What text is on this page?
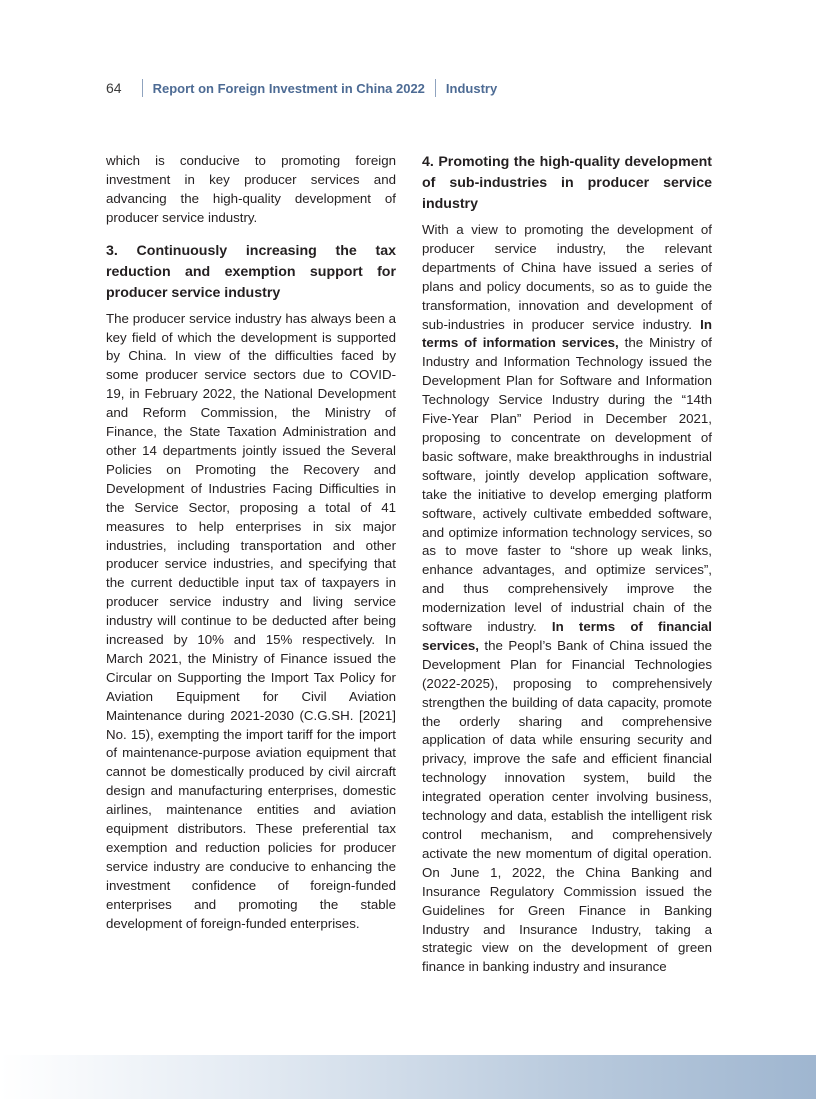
64 Report on Foreign Investment in China 2022 Industry

which is conducive to promoting foreign investment in key producer services and advancing the high-quality development of producer service industry.

3. Continuously increasing the tax reduction and exemption support for producer service industry

The producer service industry has always been a key field of which the development is supported by China. In view of the difficulties faced by some producer service sectors due to COVID-19, in February 2022, the National Development and Reform Commission, the Ministry of Finance, the State Taxation Administration and other 14 departments jointly issued the Several Policies on Promoting the Recovery and Development of Industries Facing Difficulties in the Service Sector, proposing a total of 41 measures to help enterprises in six major industries, including transportation and other producer service industries, and specifying that the current deductible input tax of taxpayers in producer service industry and living service industry will continue to be deducted after being increased by 10% and 15% respectively. In March 2021, the Ministry of Finance issued the Circular on Supporting the Import Tax Policy for Aviation Equipment for Civil Aviation Maintenance during 2021-2030 (C.G.SH. [2021] No. 15), exempting the import tariff for the import of maintenance-purpose aviation equipment that cannot be domestically produced by civil aircraft design and manufacturing enterprises, domestic airlines, maintenance entities and aviation equipment distributors. These preferential tax exemption and reduction policies for producer service industry are conducive to enhancing the investment confidence of foreign-funded enterprises and promoting the stable development of foreign-funded enterprises.

4. Promoting the high-quality development of sub-industries in producer service industry

With a view to promoting the development of producer service industry, the relevant departments of China have issued a series of plans and policy documents, so as to guide the transformation, innovation and development of sub-industries in producer service industry. In terms of information services, the Ministry of Industry and Information Technology issued the Development Plan for Software and Information Technology Service Industry during the “14th Five-Year Plan” Period in December 2021, proposing to concentrate on development of basic software, make breakthroughs in industrial software, jointly develop application software, take the initiative to develop emerging platform software, actively cultivate embedded software, and optimize information technology services, so as to move faster to “shore up weak links, enhance advantages, and optimize services”, and thus comprehensively improve the modernization level of industrial chain of the software industry. In terms of financial services, the Peopl’s Bank of China issued the Development Plan for Financial Technologies (2022-2025), proposing to comprehensively strengthen the building of data capacity, promote the orderly sharing and comprehensive application of data while ensuring security and privacy, improve the safe and efficient financial technology innovation system, build the integrated operation center involving business, technology and data, establish the intelligent risk control mechanism, and comprehensively activate the new momentum of digital operation. On June 1, 2022, the China Banking and Insurance Regulatory Commission issued the Guidelines for Green Finance in Banking Industry and Insurance Industry, taking a strategic view on the development of green finance in banking industry and insurance
